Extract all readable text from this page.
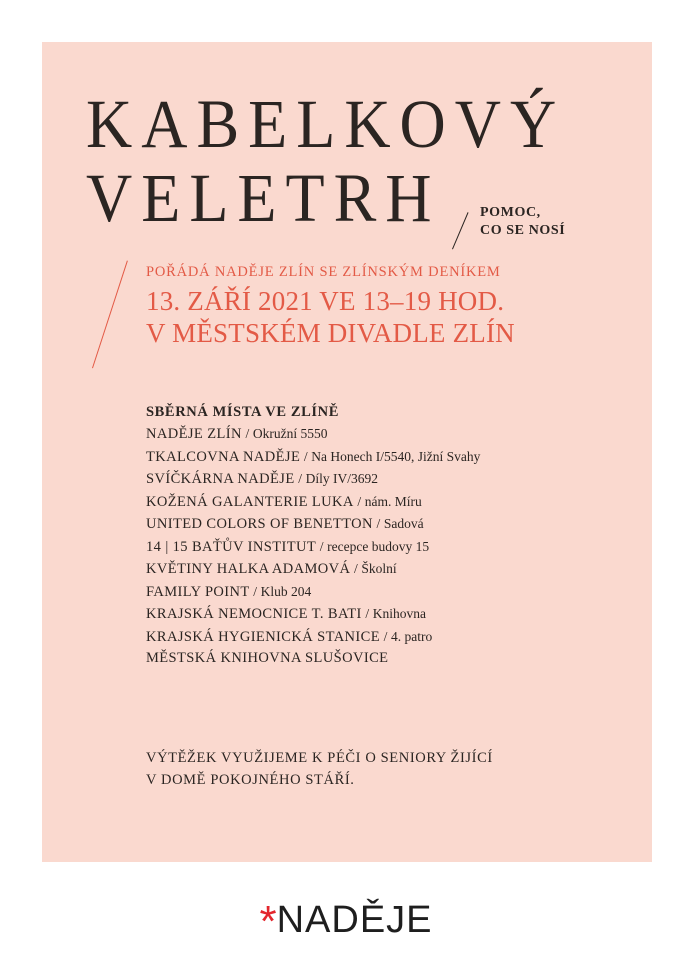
KABELKOVÝ
VELETRH	POMOC,
CO SE NOSÍ
POŘÁDÁ NADĚJE ZLÍN SE ZLÍNSKÝM DENÍKEM
13. ZÁŘÍ 2021 VE 13–19 HOD.
V MĚSTSKÉM DIVADLE ZLÍN
SBĚRNÁ MÍSTA VE ZLÍNĚ
NADĚJE ZLÍN / Okružní 5550
TKALCOVNA NADĚJE / Na Honech I/5540, Jižní Svahy
SVÍČKÁRNA NADĚJE / Díly IV/3692
KOŽENÁ GALANTERIE LUKA / nám. Míru
UNITED COLORS OF BENETTON / Sadová
14 | 15 BAŤŮV INSTITUT / recepce budovy 15
KVĚTINY HALKA ADAMOVÁ / Školní
FAMILY POINT / Klub 204
KRAJSKÁ NEMOCNICE T. BATI / Knihovna
KRAJSKÁ HYGIENICKÁ STANICE / 4. patro
MĚSTSKÁ KNIHOVNA SLUŠOVICE
VÝTĚŽEK VYUŽIJEME K PÉČI O SENIORY ŽIJÍCÍ
V DOMĚ POKOJNÉHO STÁŘÍ.
*NADĚJE
